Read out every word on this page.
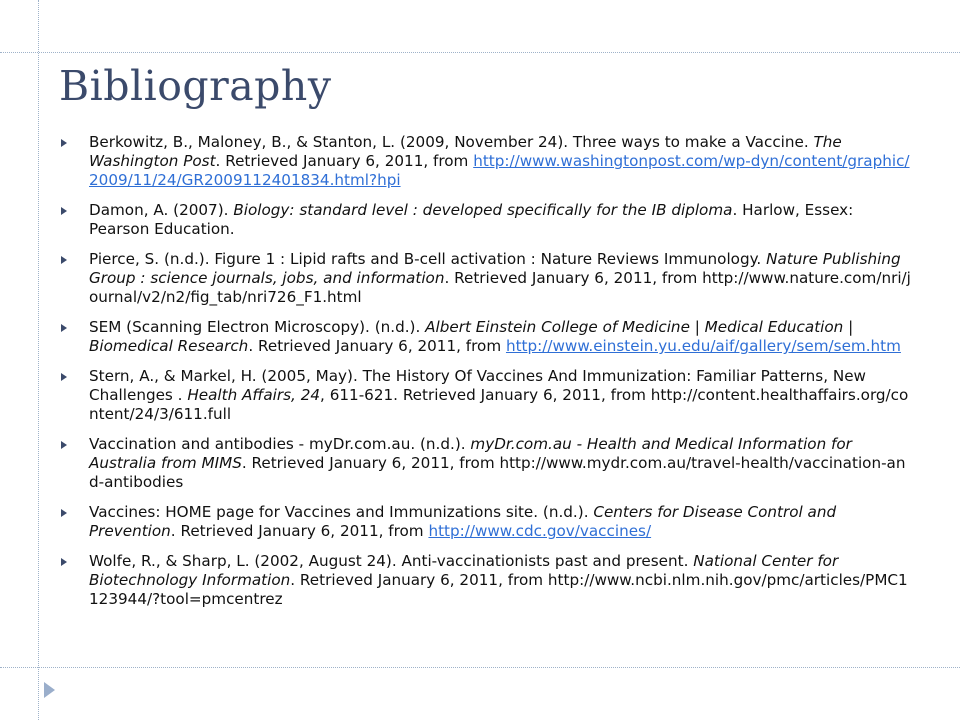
Bibliography
Berkowitz, B., Maloney, B., & Stanton, L. (2009, November 24). Three ways to make a Vaccine. The Washington Post. Retrieved January 6, 2011, from http://www.washingtonpost.com/wp-dyn/content/graphic/2009/11/24/GR2009112401834.html?hpi
Damon, A. (2007). Biology: standard level : developed specifically for the IB diploma. Harlow, Essex: Pearson Education.
Pierce, S. (n.d.). Figure 1 : Lipid rafts and B-cell activation : Nature Reviews Immunology. Nature Publishing Group : science journals, jobs, and information. Retrieved January 6, 2011, from http://www.nature.com/nri/journal/v2/n2/fig_tab/nri726_F1.html
SEM (Scanning Electron Microscopy). (n.d.). Albert Einstein College of Medicine | Medical Education | Biomedical Research. Retrieved January 6, 2011, from http://www.einstein.yu.edu/aif/gallery/sem/sem.htm
Stern, A., & Markel, H. (2005, May). The History Of Vaccines And Immunization: Familiar Patterns, New Challenges . Health Affairs, 24, 611-621. Retrieved January 6, 2011, from http://content.healthaffairs.org/content/24/3/611.full
Vaccination and antibodies - myDr.com.au. (n.d.). myDr.com.au - Health and Medical Information for Australia from MIMS. Retrieved January 6, 2011, from http://www.mydr.com.au/travel-health/vaccination-and-antibodies
Vaccines: HOME page for Vaccines and Immunizations site. (n.d.). Centers for Disease Control and Prevention. Retrieved January 6, 2011, from http://www.cdc.gov/vaccines/
Wolfe, R., & Sharp, L. (2002, August 24). Anti-vaccinationists past and present. National Center for Biotechnology Information. Retrieved January 6, 2011, from http://www.ncbi.nlm.nih.gov/pmc/articles/PMC1123944/?tool=pmcentrez
